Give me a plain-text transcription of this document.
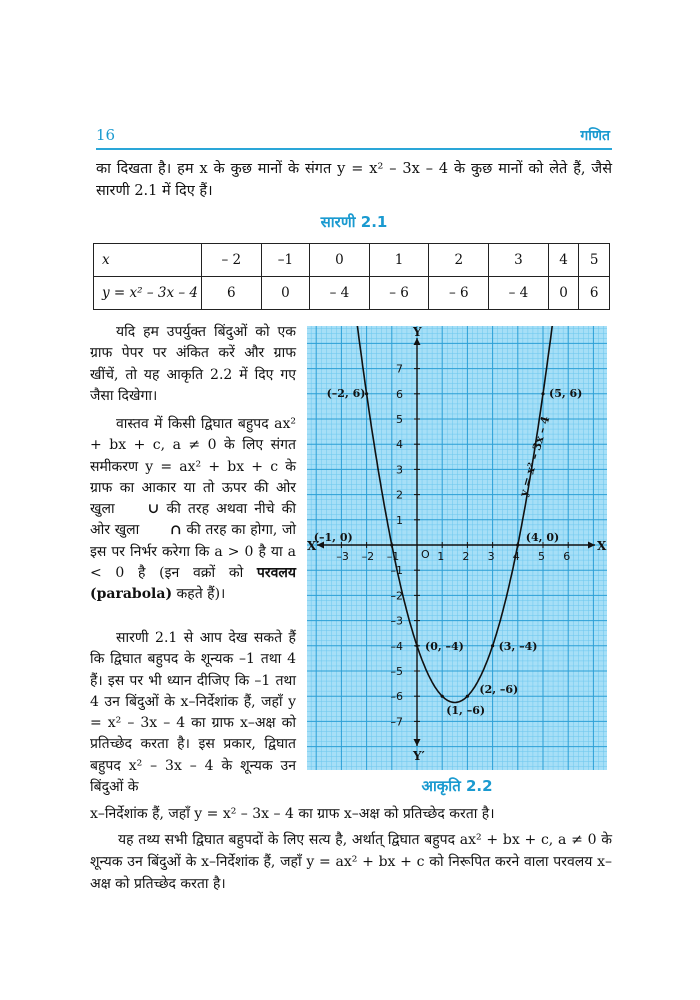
16	गणित

का दिखता है। हम x के कुछ मानों के संगत y = x² – 3x – 4 के कुछ मानों को लेते हैं, जैसे सारणी 2.1 में दिए हैं।

सारणी 2.1
x	– 2	–1	0	1	2	3	4	5
y = x² – 3x – 4	6	0	– 4	– 6	– 6	– 4	0	6

यदि हम उपर्युक्त बिंदुओं को एक ग्राफ पेपर पर अंकित करें और ग्राफ खींचें, तो यह आकृति 2.2 में दिए गए जैसा दिखेगा।

वास्तव में किसी द्विघात बहुपद ax² + bx + c, a ≠ 0 के लिए संगत समीकरण y = ax² + bx + c के ग्राफ का आकार या तो ऊपर की ओर खुला ∪ की तरह अथवा नीचे की ओर खुला ∩ की तरह का होगा, जो इस पर निर्भर करेगा कि a > 0 है या a < 0 है (इन वक्रों को परवलय (parabola) कहते हैं)।

सारणी 2.1 से आप देख सकते हैं कि द्विघात बहुपद के शून्यक –1 तथा 4 हैं। इस पर भी ध्यान दीजिए कि –1 तथा 4 उन बिंदुओं के x–निर्देशांक हैं, जहाँ y = x² – 3x – 4 का ग्राफ x–अक्ष को प्रतिच्छेद करता है। इस प्रकार, द्विघात बहुपद x² – 3x – 4 के शून्यक उन बिंदुओं के

–3 –2 –1	1 2 3 4 5 6
7
6
5
4
3
2
1
–1
–2
–3
–4
–5
–6
–7
(–2, 6)
(–1, 0)
(0, –4)
(1, –6)
(2, –6)
(3, –4)
(4, 0)
(5, 6)
X
X′
Y
Y′
O
y = x² – 3x – 4
आकृति 2.2

x–निर्देशांक हैं, जहाँ y = x² – 3x – 4 का ग्राफ x–अक्ष को प्रतिच्छेद करता है।

यह तथ्य सभी द्विघात बहुपदों के लिए सत्य है, अर्थात् द्विघात बहुपद ax² + bx + c, a ≠ 0 के शून्यक उन बिंदुओं के x–निर्देशांक हैं, जहाँ y = ax² + bx + c को निरूपित करने वाला परवलय x–अक्ष को प्रतिच्छेद करता है।
